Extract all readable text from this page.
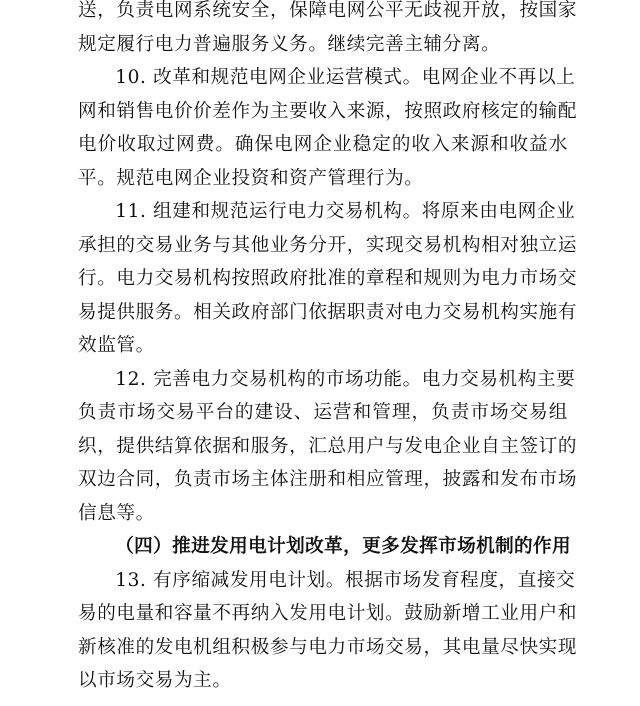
送，负责电网系统安全，保障电网公平无歧视开放，按国家
规定履行电力普遍服务义务。继续完善主辅分离。

10. 改革和规范电网企业运营模式。电网企业不再以上
网和销售电价价差作为主要收入来源，按照政府核定的输配
电价收取过网费。确保电网企业稳定的收入来源和收益水
平。规范电网企业投资和资产管理行为。

11. 组建和规范运行电力交易机构。将原来由电网企业
承担的交易业务与其他业务分开，实现交易机构相对独立运
行。电力交易机构按照政府批准的章程和规则为电力市场交
易提供服务。相关政府部门依据职责对电力交易机构实施有
效监管。

12. 完善电力交易机构的市场功能。电力交易机构主要
负责市场交易平台的建设、运营和管理，负责市场交易组
织，提供结算依据和服务，汇总用户与发电企业自主签订的
双边合同，负责市场主体注册和相应管理，披露和发布市场
信息等。

（四）推进发用电计划改革，更多发挥市场机制的作用

13. 有序缩减发用电计划。根据市场发育程度，直接交
易的电量和容量不再纳入发用电计划。鼓励新增工业用户和
新核准的发电机组积极参与电力市场交易，其电量尽快实现
以市场交易为主。
